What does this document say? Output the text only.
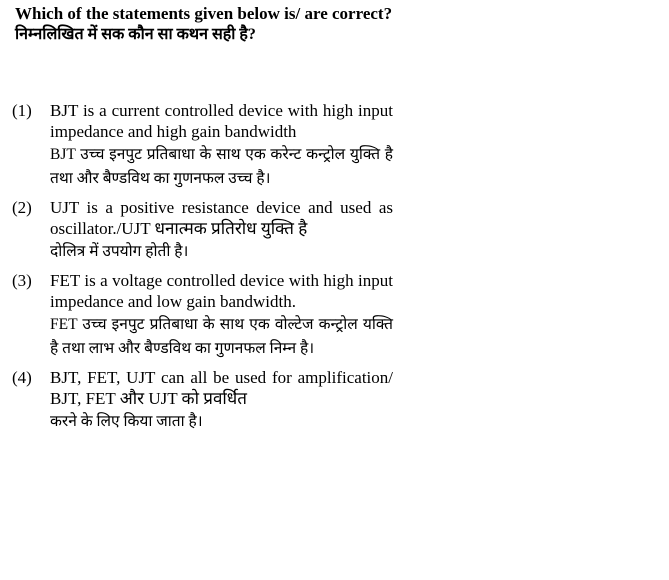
Which of the statements given below is/ are correct?
निम्नलिखित में सक कौन सा कथन सही है?
(1) BJT is a current controlled device with high input impedance and high gain bandwidth
BJT उच्च इनपुट प्रतिबाधा के साथ एक करेन्ट कन्ट्रोल युक्ति है तथा और बैण्डविथ का गुणनफल उच्च है।
(2) UJT is a positive resistance device and used as oscillator./UJT धनात्मक प्रतिरोध युक्ति है
दोलित्र में उपयोग होती है।
(3) FET is a voltage controlled device with high input impedance and low gain bandwidth.
FET उच्च इनपुट प्रतिबाधा के साथ एक वोल्टेज कन्ट्रोल यक्ति है तथा लाभ और बैण्डविथ का गुणनफल निम्न है।
(4) BJT, FET, UJT can all be used for amplification/ BJT, FET और UJT को प्रवर्धित
करने के लिए किया जाता है।
